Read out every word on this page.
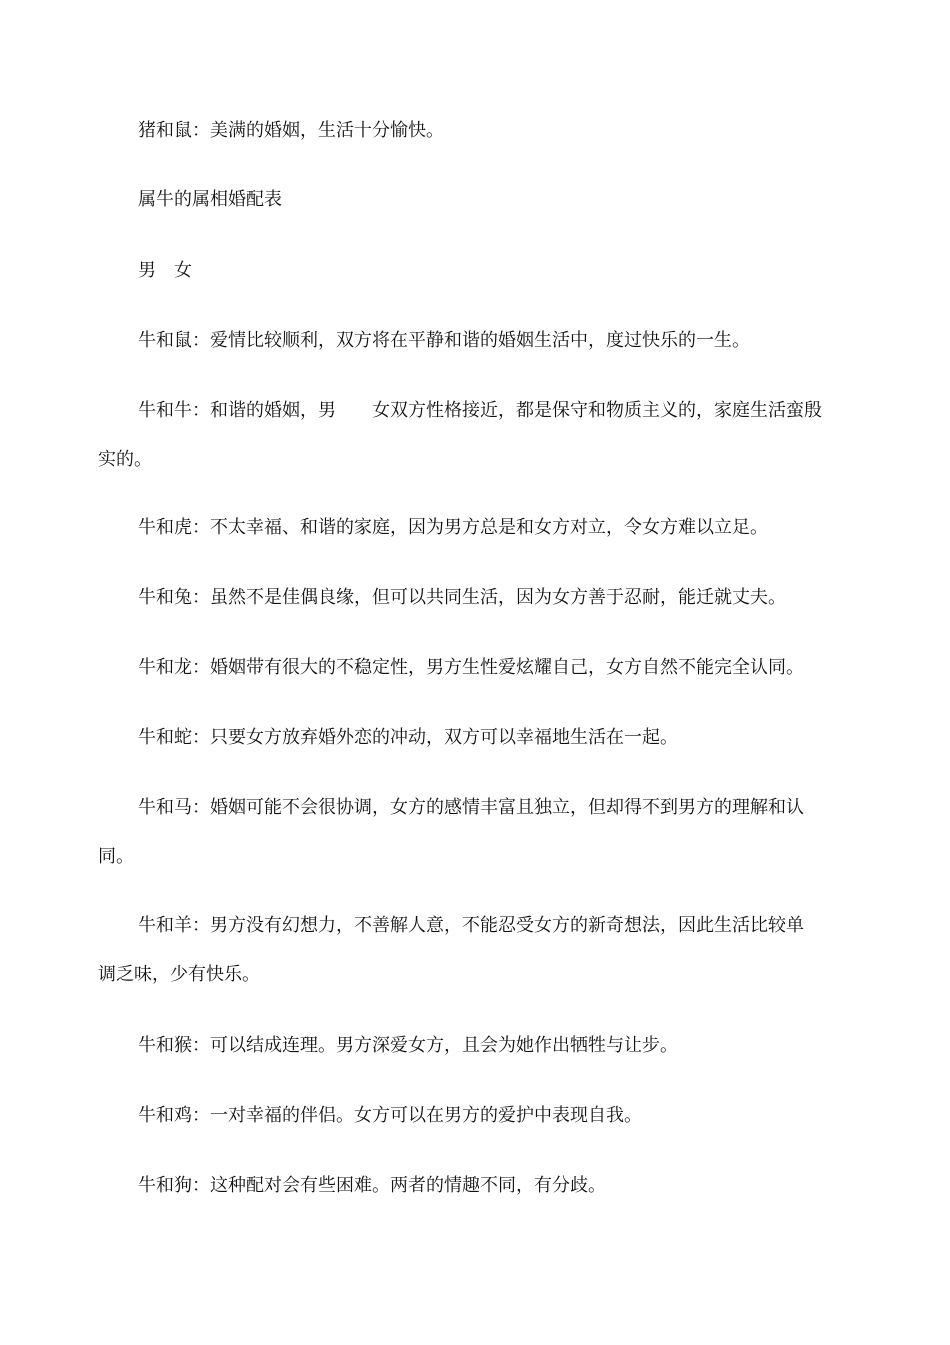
猪和鼠：美满的婚姻，生活十分愉快。
属牛的属相婚配表
男 女
牛和鼠：爱情比较顺利，双方将在平静和谐的婚姻生活中，度过快乐的一生。
牛和牛：和谐的婚姻，男 女双方性格接近，都是保守和物质主义的，家庭生活蛮殷
实的。
牛和虎：不太幸福、和谐的家庭，因为男方总是和女方对立，令女方难以立足。
牛和兔：虽然不是佳偶良缘，但可以共同生活，因为女方善于忍耐，能迁就丈夫。
牛和龙：婚姻带有很大的不稳定性，男方生性爱炫耀自己，女方自然不能完全认同。
牛和蛇：只要女方放弃婚外恋的冲动，双方可以幸福地生活在一起。
牛和马：婚姻可能不会很协调，女方的感情丰富且独立，但却得不到男方的理解和认
同。
牛和羊：男方没有幻想力，不善解人意，不能忍受女方的新奇想法，因此生活比较单
调乏味，少有快乐。
牛和猴：可以结成连理。男方深爱女方，且会为她作出牺牲与让步。
牛和鸡：一对幸福的伴侣。女方可以在男方的爱护中表现自我。
牛和狗：这种配对会有些困难。两者的情趣不同，有分歧。
